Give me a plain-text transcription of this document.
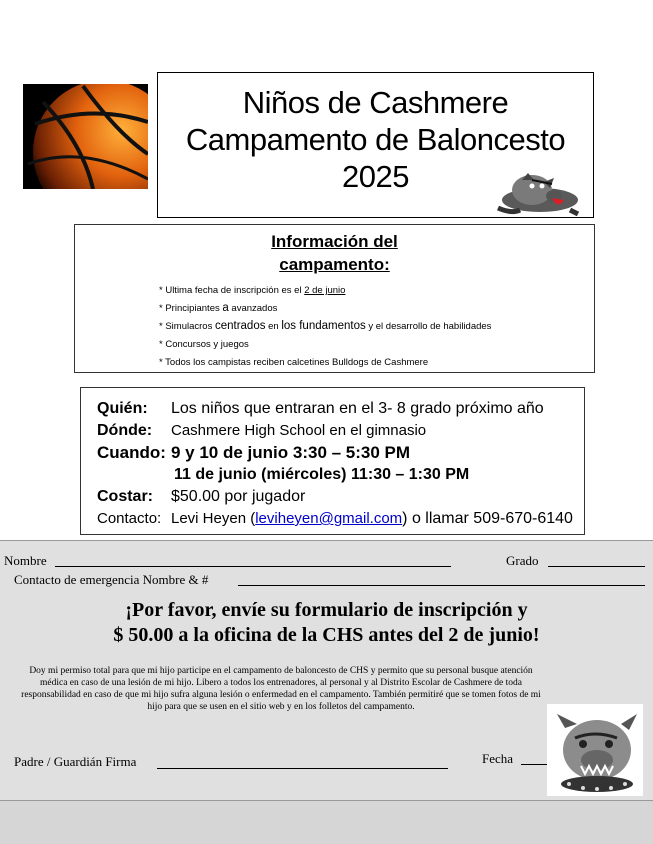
Niños de Cashmere
Campamento de Baloncesto
2025
Información del
campamento:
* Ultima fecha de inscripción es el 2 de junio
* Principiantes a avanzados
* Simulacros centrados en los fundamentos y el desarrollo de habilidades
* Concursos y juegos
* Todos los campistas reciben calcetines Bulldogs de Cashmere
Quién: Los niños que entraran en el 3- 8 grado próximo año
Dónde: Cashmere High School en el gimnasio
Cuando: 9 y 10 de junio 3:30 – 5:30 PM
11 de junio (miércoles) 11:30 – 1:30 PM
Costar: $50.00 por jugador
Contacto: Levi Heyen (leviheyen@gmail.com) o llamar 509-670-6140
Nombre	Grado
Contacto de emergencia Nombre & #
¡Por favor, envíe su formulario de inscripción y
$ 50.00 a la oficina de la CHS antes del 2 de junio!
Doy mi permiso total para que mi hijo participe en el campamento de baloncesto de CHS y permito que su personal busque atención médica en caso de una lesión de mi hijo. Libero a todos los entrenadores, al personal y al Distrito Escolar de Cashmere de toda responsabilidad en caso de que mi hijo sufra alguna lesión o enfermedad en el campamento. También permitiré que se tomen fotos de mi hijo para que se usen en el sitio web y en los folletos del campamento.
Padre / Guardián Firma	Fecha
